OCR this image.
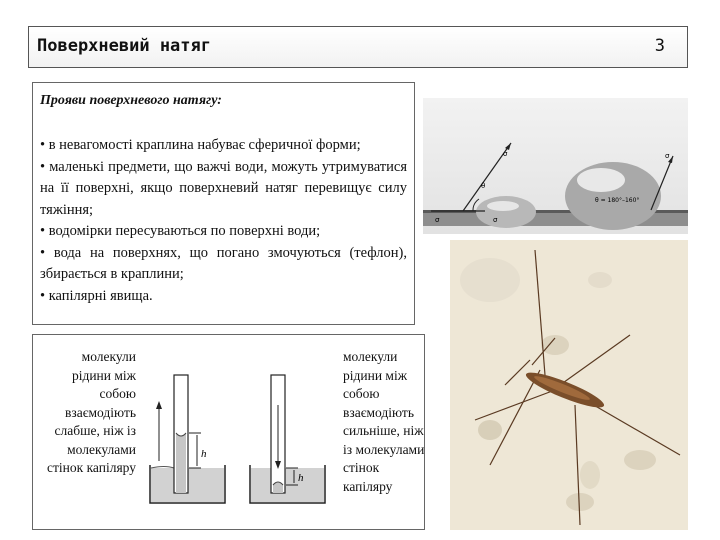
Поверхневий натяг	3
Прояви поверхневого натягу:
• в невагомості краплина набуває сферичної форми;
• маленькі предмети, що важчі води, можуть утримуватися на її поверхні, якщо поверхневий натяг перевищує силу тяжіння;
• водомірки пересуваються по поверхні води;
• вода на поверхнях, що погано змочуються (тефлон), збирається в краплини;
• капілярні явища.
σ
θ
σ	σ
σ
θ = 180°–160°
молекули рідини між собою взаємодіють слабше, ніж із молекулами стінок капіляру
молекули рідини між собою взаємодіють сильніше, ніж із молекулами стінок капіляру
h
h
